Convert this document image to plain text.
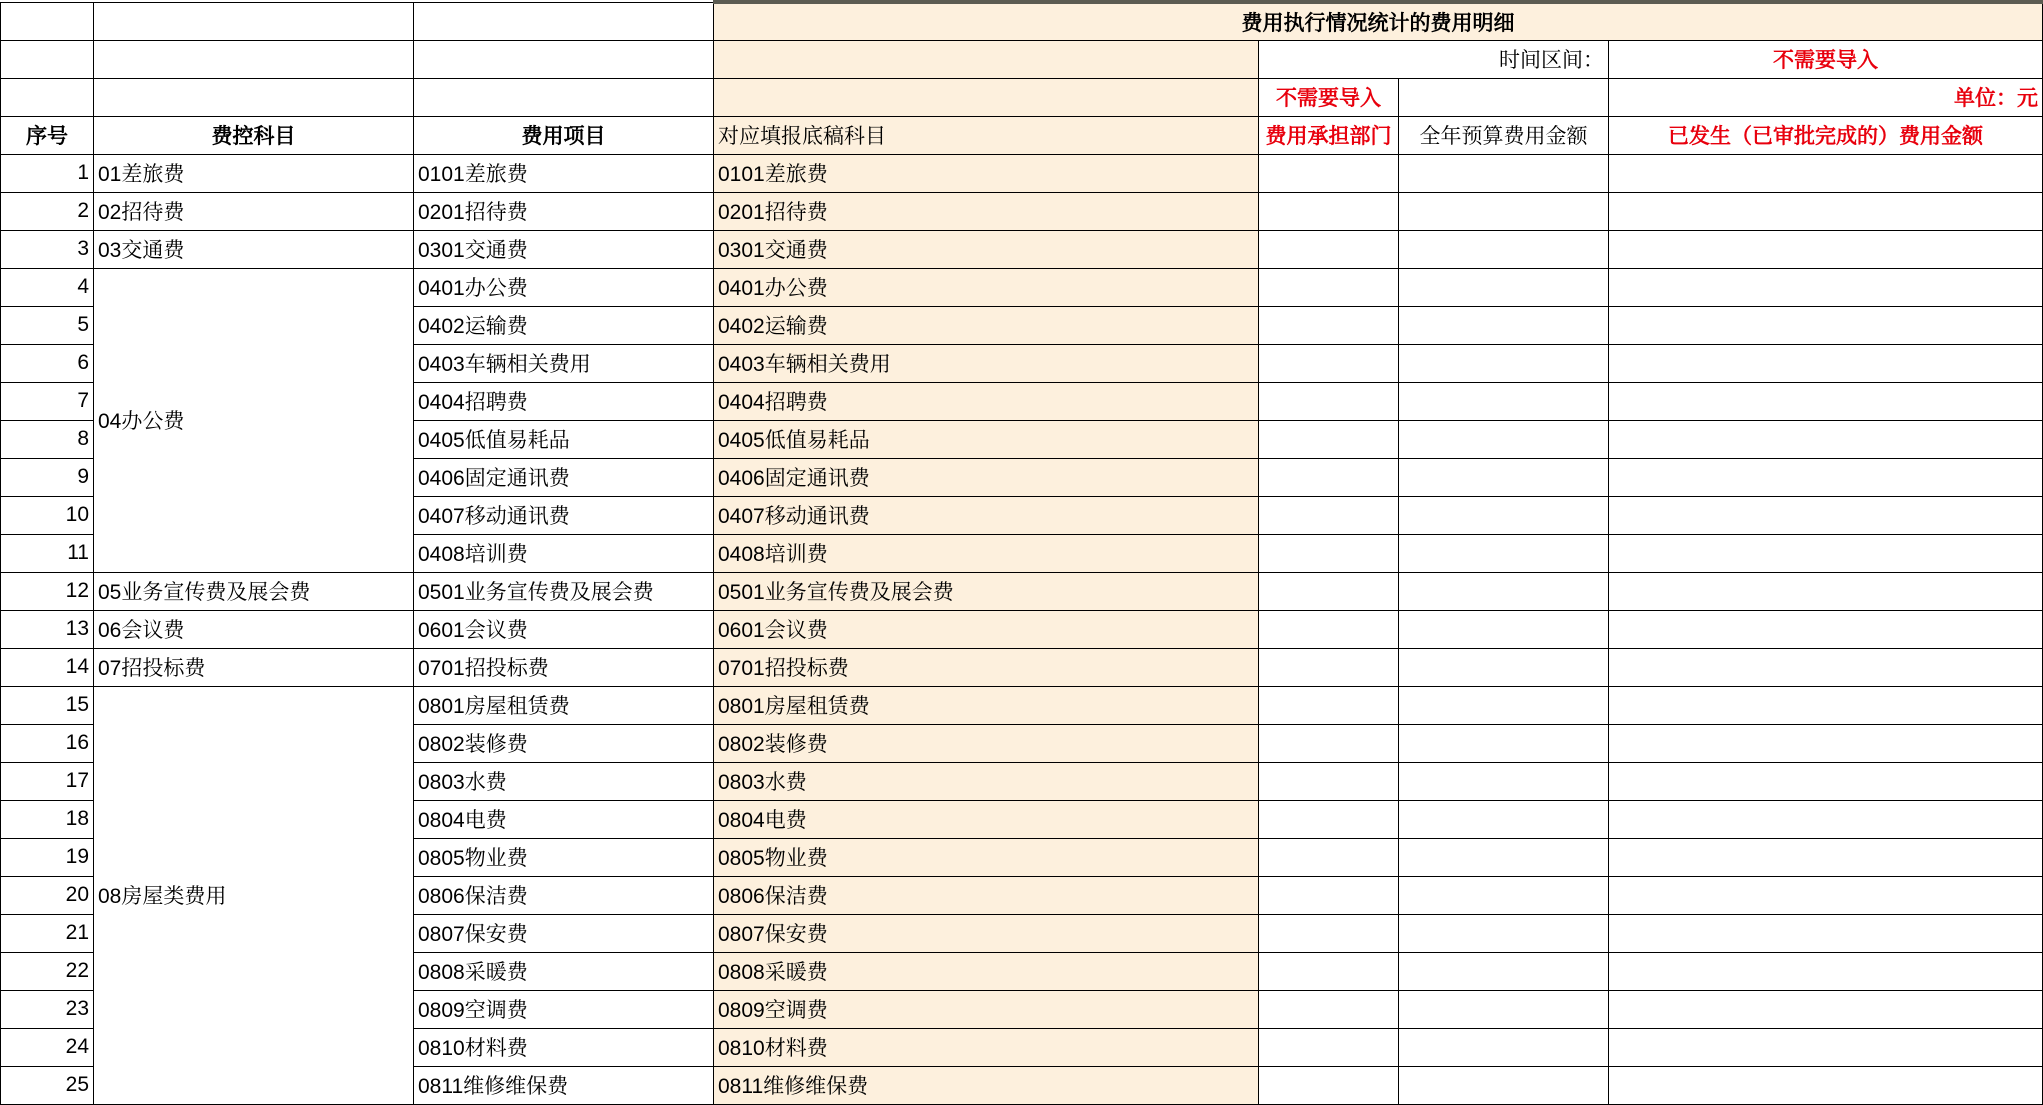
			费用执行情况统计的费用明细			
				时间区间：		不需要导入
				不需要导入		单位：元
序号	费控科目	费用项目	对应填报底稿科目	费用承担部门	全年预算费用金额	已发生（已审批完成的）费用金额
1	01差旅费	0101差旅费	0101差旅费			
2	02招待费	0201招待费	0201招待费			
3	03交通费	0301交通费	0301交通费			
4	04办公费	0401办公费	0401办公费			
5		0402运输费	0402运输费			
6		0403车辆相关费用	0403车辆相关费用			
7		0404招聘费	0404招聘费			
8		0405低值易耗品	0405低值易耗品			
9		0406固定通讯费	0406固定通讯费			
10		0407移动通讯费	0407移动通讯费			
11		0408培训费	0408培训费			
12	05业务宣传费及展会费	0501业务宣传费及展会费	0501业务宣传费及展会费			
13	06会议费	0601会议费	0601会议费			
14	07招投标费	0701招投标费	0701招投标费			
15	08房屋类费用	0801房屋租赁费	0801房屋租赁费			
16		0802装修费	0802装修费			
17		0803水费	0803水费			
18		0804电费	0804电费			
19		0805物业费	0805物业费			
20		0806保洁费	0806保洁费			
21		0807保安费	0807保安费			
22		0808采暖费	0808采暖费			
23		0809空调费	0809空调费			
24		0810材料费	0810材料费			
25		0811维修维保费	0811维修维保费			
